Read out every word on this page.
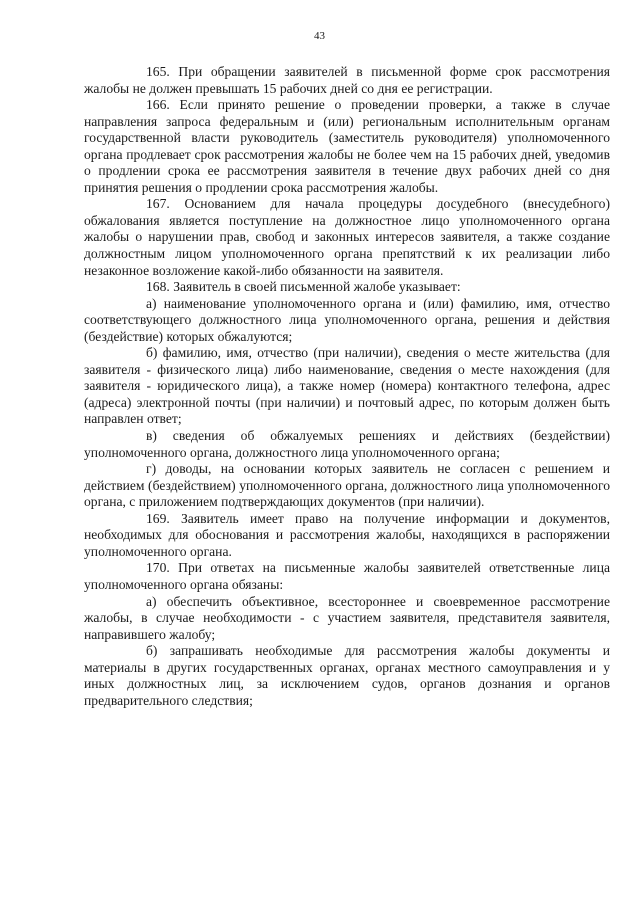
43

165. При обращении заявителей в письменной форме срок рассмотрения жалобы не должен превышать 15 рабочих дней со дня ее регистрации.

166. Если принято решение о проведении проверки, а также в случае направления запроса федеральным и (или) региональным исполнительным органам государственной власти руководитель (заместитель руководителя) уполномоченного органа продлевает срок рассмотрения жалобы не более чем на 15 рабочих дней, уведомив о продлении срока ее рассмотрения заявителя в течение двух рабочих дней со дня принятия решения о продлении срока рассмотрения жалобы.

167. Основанием для начала процедуры досудебного (внесудебного) обжалования является поступление на должностное лицо уполномоченного органа жалобы о нарушении прав, свобод и законных интересов заявителя, а также создание должностным лицом уполномоченного органа препятствий к их реализации либо незаконное возложение какой-либо обязанности на заявителя.

168. Заявитель в своей письменной жалобе указывает:

а) наименование уполномоченного органа и (или) фамилию, имя, отчество соответствующего должностного лица уполномоченного органа, решения и действия (бездействие) которых обжалуются;

б) фамилию, имя, отчество (при наличии), сведения о месте жительства (для заявителя - физического лица) либо наименование, сведения о месте нахождения (для заявителя - юридического лица), а также номер (номера) контактного телефона, адрес (адреса) электронной почты (при наличии) и почтовый адрес, по которым должен быть направлен ответ;

в) сведения об обжалуемых решениях и действиях (бездействии) уполномоченного органа, должностного лица уполномоченного органа;

г) доводы, на основании которых заявитель не согласен с решением и действием (бездействием) уполномоченного органа, должностного лица уполномоченного органа, с приложением подтверждающих документов (при наличии).

169. Заявитель имеет право на получение информации и документов, необходимых для обоснования и рассмотрения жалобы, находящихся в распоряжении уполномоченного органа.

170. При ответах на письменные жалобы заявителей ответственные лица уполномоченного органа обязаны:

а) обеспечить объективное, всестороннее и своевременное рассмотрение жалобы, в случае необходимости - с участием заявителя, представителя заявителя, направившего жалобу;

б) запрашивать необходимые для рассмотрения жалобы документы и материалы в других государственных органах, органах местного самоуправления и у иных должностных лиц, за исключением судов, органов дознания и органов предварительного следствия;
